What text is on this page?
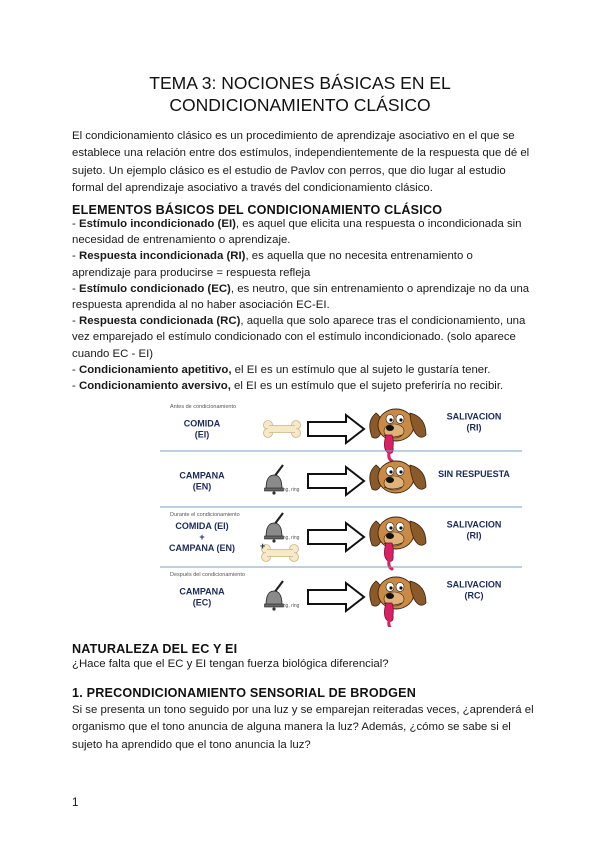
TEMA 3: NOCIONES BÁSICAS EN EL CONDICIONAMIENTO CLÁSICO

El condicionamiento clásico es un procedimiento de aprendizaje asociativo en el que se establece una relación entre dos estímulos, independientemente de la respuesta que dé el sujeto. Un ejemplo clásico es el estudio de Pavlov con perros, que dio lugar al estudio formal del aprendizaje asociativo a través del condicionamiento clásico.

ELEMENTOS BÁSICOS DEL CONDICIONAMIENTO CLÁSICO
- Estímulo incondicionado (EI), es aquel que elicita una respuesta o incondicionada sin necesidad de entrenamiento o aprendizaje.
- Respuesta incondicionada (RI), es aquella que no necesita entrenamiento o aprendizaje para producirse = respuesta refleja
- Estímulo condicionado (EC), es neutro, que sin entrenamiento o aprendizaje no da una respuesta aprendida al no haber asociación EC-EI.
- Respuesta condicionada (RC), aquella que solo aparece tras el condicionamiento, una vez emparejado el estímulo condicionado con el estímulo incondicionado. (solo aparece cuando EC - EI)
- Condicionamiento apetitivo, el EI es un estímulo que al sujeto le gustaría tener.
- Condicionamiento aversivo, el EI es un estímulo que el sujeto preferiría no recibir.
Antes de condicionamiento
COMIDA
(EI)
SALIVACION
(RI)
CAMPANA
(EN)	ring, ring
SIN RESPUESTA
Durante el condicionamiento
COMIDA (EI)
+
CAMPANA (EN)	+
ring, ring
SALIVACION
(RI)
Después del condicionamiento
CAMPANA
(EC)	ring, ring
SALIVACION
(RC)
NATURALEZA DEL EC Y EI

¿Hace falta que el EC y EI tengan fuerza biológica diferencial?

1. PRECONDICIONAMIENTO SENSORIAL DE BRODGEN

Si se presenta un tono seguido por una luz y se emparejan reiteradas veces, ¿aprenderá el organismo que el tono anuncia de alguna manera la luz? Además, ¿cómo se sabe si el sujeto ha aprendido que el tono anuncia la luz?

1
